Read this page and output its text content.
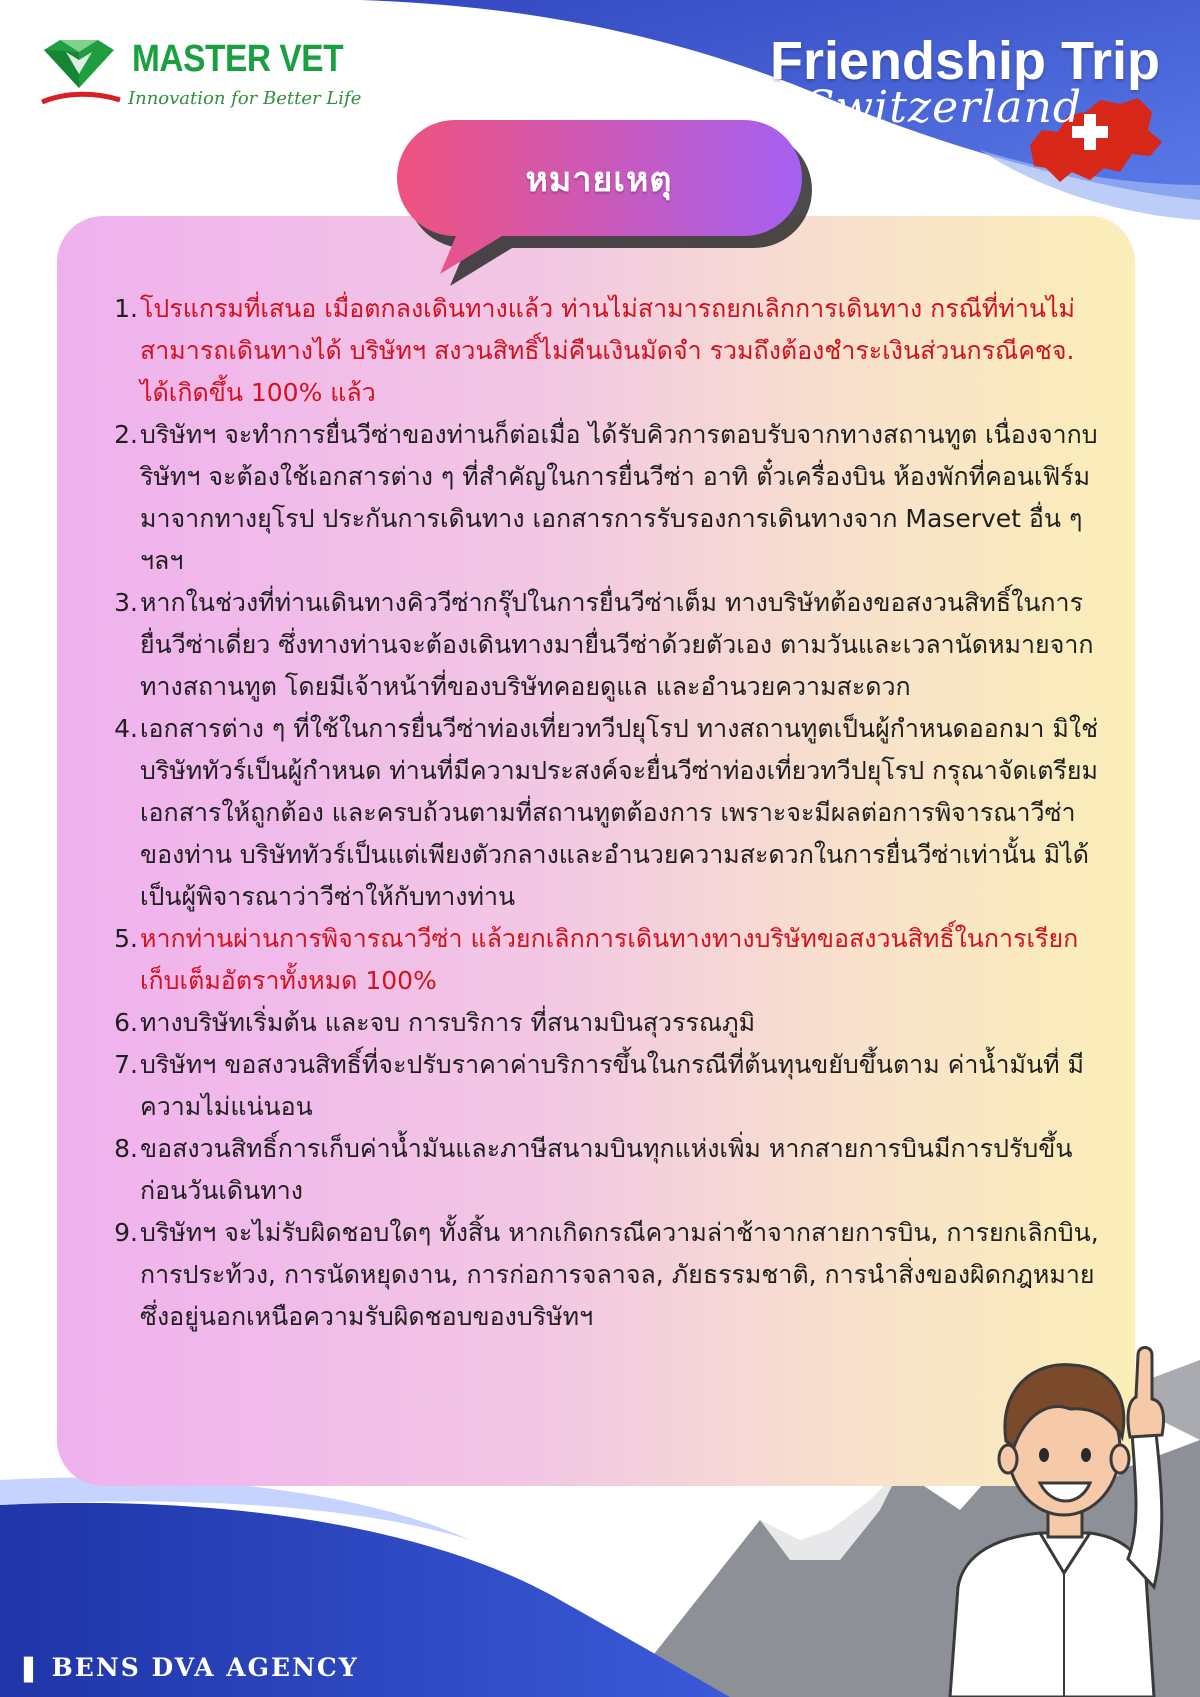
MASTER VET
Innovation for Better Life
Friendship Trip
Switzerland
หมายเหตุ
1. โปรแกรมที่เสนอ เมื่อตกลงเดินทางแล้ว ท่านไม่สามารถยกเลิกการเดินทาง กรณีที่ท่านไม่สามารถเดินทางได้ บริษัทฯ สงวนสิทธิ์ไม่คืนเงินมัดจำ รวมถึงต้องชำระเงินส่วนกรณีคชจ. ได้เกิดขึ้น 100% แล้ว
2. บริษัทฯ จะทำการยื่นวีซ่าของท่านก็ต่อเมื่อ ได้รับคิวการตอบรับจากทางสถานทูต เนื่องจากบริษัทฯ จะต้องใช้เอกสารต่าง ๆ ที่สำคัญในการยื่นวีซ่า อาทิ ตั๋วเครื่องบิน ห้องพักที่คอนเฟิร์ม มาจากทางยุโรป ประกันการเดินทาง เอกสารการรับรองการเดินทางจาก Maservet อื่น ๆ ฯลฯ
3. หากในช่วงที่ท่านเดินทางคิววีซ่ากรุ๊ปในการยื่นวีซ่าเต็ม ทางบริษัทต้องขอสงวนสิทธิ์ในการยื่นวีซ่าเดี่ยว ซึ่งทางท่านจะต้องเดินทางมายื่นวีซ่าด้วยตัวเอง ตามวันและเวลานัดหมายจากทางสถานทูต โดยมีเจ้าหน้าที่ของบริษัทคอยดูแล และอำนวยความสะดวก
4. เอกสารต่าง ๆ ที่ใช้ในการยื่นวีซ่าท่องเที่ยวทวีปยุโรป ทางสถานทูตเป็นผู้กำหนดออกมา มิใช่บริษัททัวร์เป็นผู้กำหนด ท่านที่มีความประสงค์จะยื่นวีซ่าท่องเที่ยวทวีปยุโรป กรุณาจัดเตรียมเอกสารให้ถูกต้อง และครบถ้วนตามที่สถานทูตต้องการ เพราะจะมีผลต่อการพิจารณาวีซ่าของท่าน บริษัททัวร์เป็นแต่เพียงตัวกลางและอำนวยความสะดวกในการยื่นวีซ่าเท่านั้น มิได้เป็นผู้พิจารณาว่าวีซ่าให้กับทางท่าน
5. หากท่านผ่านการพิจารณาวีซ่า แล้วยกเลิกการเดินทางทางบริษัทขอสงวนสิทธิ์ในการเรียกเก็บเต็มอัตราทั้งหมด 100%
6. ทางบริษัทเริ่มต้น และจบ การบริการ ที่สนามบินสุวรรณภูมิ
7. บริษัทฯ ขอสงวนสิทธิ์ที่จะปรับราคาค่าบริการขึ้นในกรณีที่ต้นทุนขยับขึ้นตาม ค่าน้ำมันที่ มีความไม่แน่นอน
8. ขอสงวนสิทธิ์การเก็บค่าน้ำมันและภาษีสนามบินทุกแห่งเพิ่ม หากสายการบินมีการปรับขึ้นก่อนวันเดินทาง
9. บริษัทฯ จะไม่รับผิดชอบใดๆ ทั้งสิ้น หากเกิดกรณีความล่าช้าจากสายการบิน, การยกเลิกบิน, การประท้วง, การนัดหยุดงาน, การก่อการจลาจล, ภัยธรรมชาติ, การนำสิ่งของผิดกฎหมาย ซึ่งอยู่นอกเหนือความรับผิดชอบของบริษัทฯ
❚ BENS DVA AGENCY
